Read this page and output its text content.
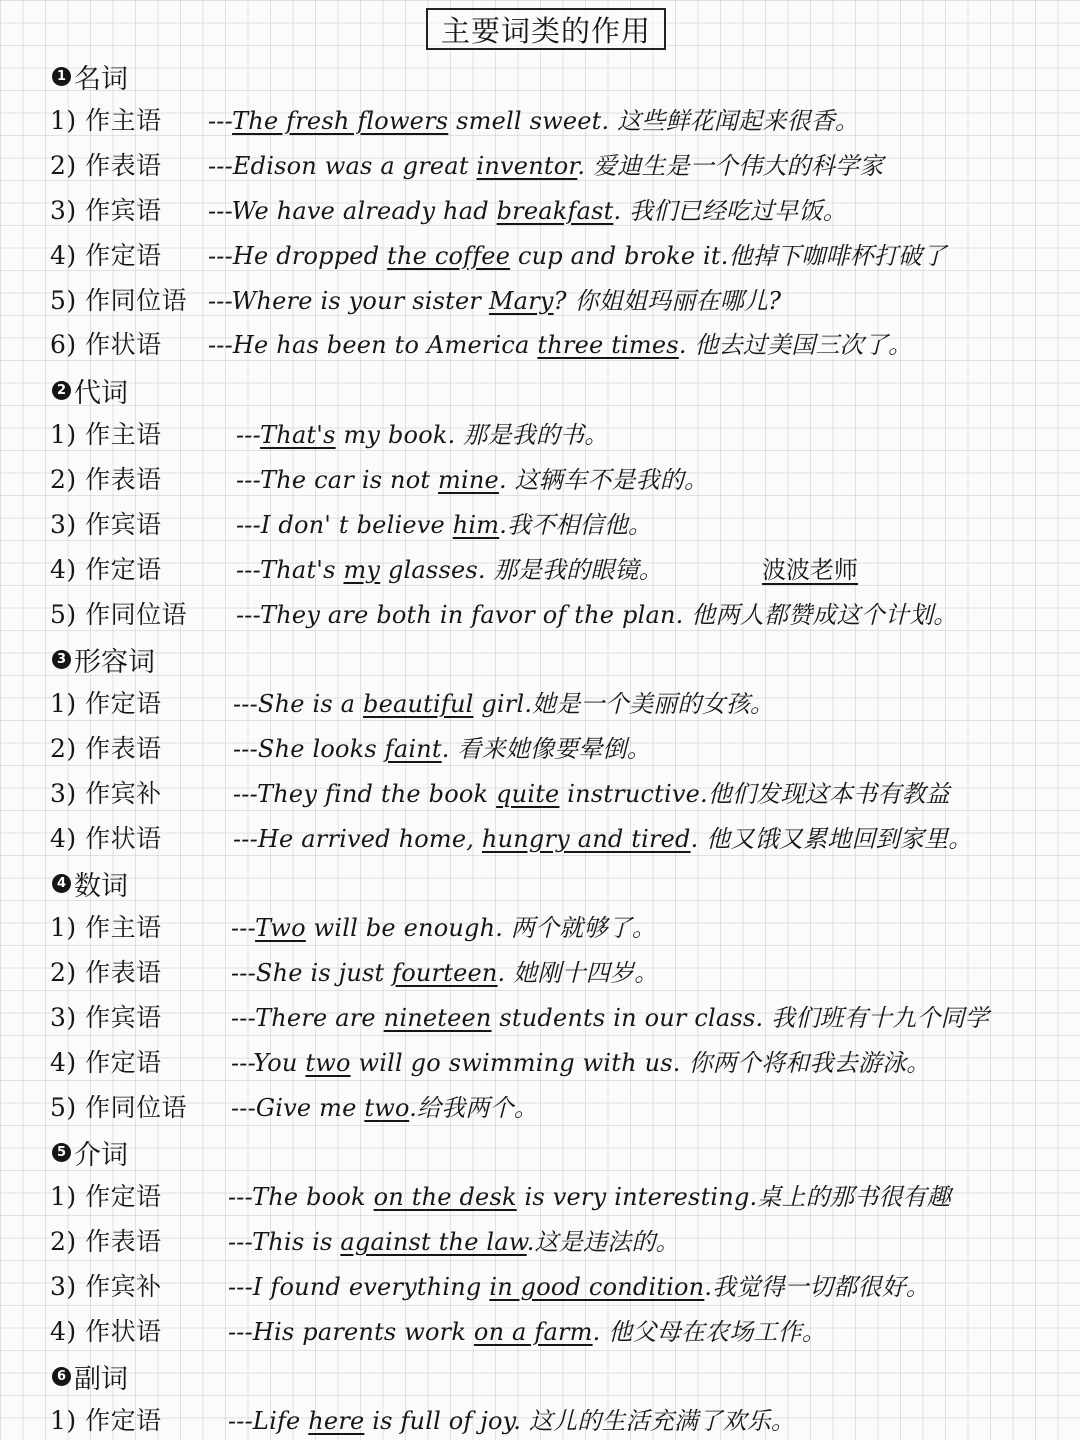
主要词类的作用
1 名词
1) 作主语 ---The fresh flowers smell sweet. 这些鲜花闻起来很香。
2) 作表语 ---Edison was a great inventor. 爱迪生是一个伟大的科学家
3) 作宾语 ---We have already had breakfast. 我们已经吃过早饭。
4) 作定语 ---He dropped the coffee cup and broke it.他掉下咖啡杯打破了
5) 作同位语 ---Where is your sister Mary? 你姐姐玛丽在哪儿?
6) 作状语 ---He has been to America three times. 他去过美国三次了。
2 代词
1) 作主语	---That's my book. 那是我的书。
2) 作表语	---The car is not mine. 这辆车不是我的。
3) 作宾语	---I don' t believe him.我不相信他。
4) 作定语	---That's my glasses. 那是我的眼镜。
5) 作同位语 ---They are both in favor of the plan. 他两人都赞成这个计划。
3 形容词
1) 作定语	---She is a beautiful girl.她是一个美丽的女孩。
2) 作表语	---She looks faint. 看来她像要晕倒。
3) 作宾补	---They find the book quite instructive.他们发现这本书有教益
4) 作状语	---He arrived home, hungry and tired. 他又饿又累地回到家里。
4 数词
1) 作主语	---Two will be enough. 两个就够了。
2) 作表语	---She is just fourteen. 她刚十四岁。
3) 作宾语	---There are nineteen students in our class. 我们班有十九个同学
4) 作定语	---You two will go swimming with us. 你两个将和我去游泳。
5) 作同位语 ---Give me two.给我两个。
5 介词
1) 作定语	---The book on the desk is very interesting.桌上的那书很有趣
2) 作表语	---This is against the law.这是违法的。
3) 作宾补	---I found everything in good condition.我觉得一切都很好。
4) 作状语	---His parents work on a farm. 他父母在农场工作。
6 副词
1) 作定语	---Life here is full of joy. 这儿的生活充满了欢乐。
波波老师
